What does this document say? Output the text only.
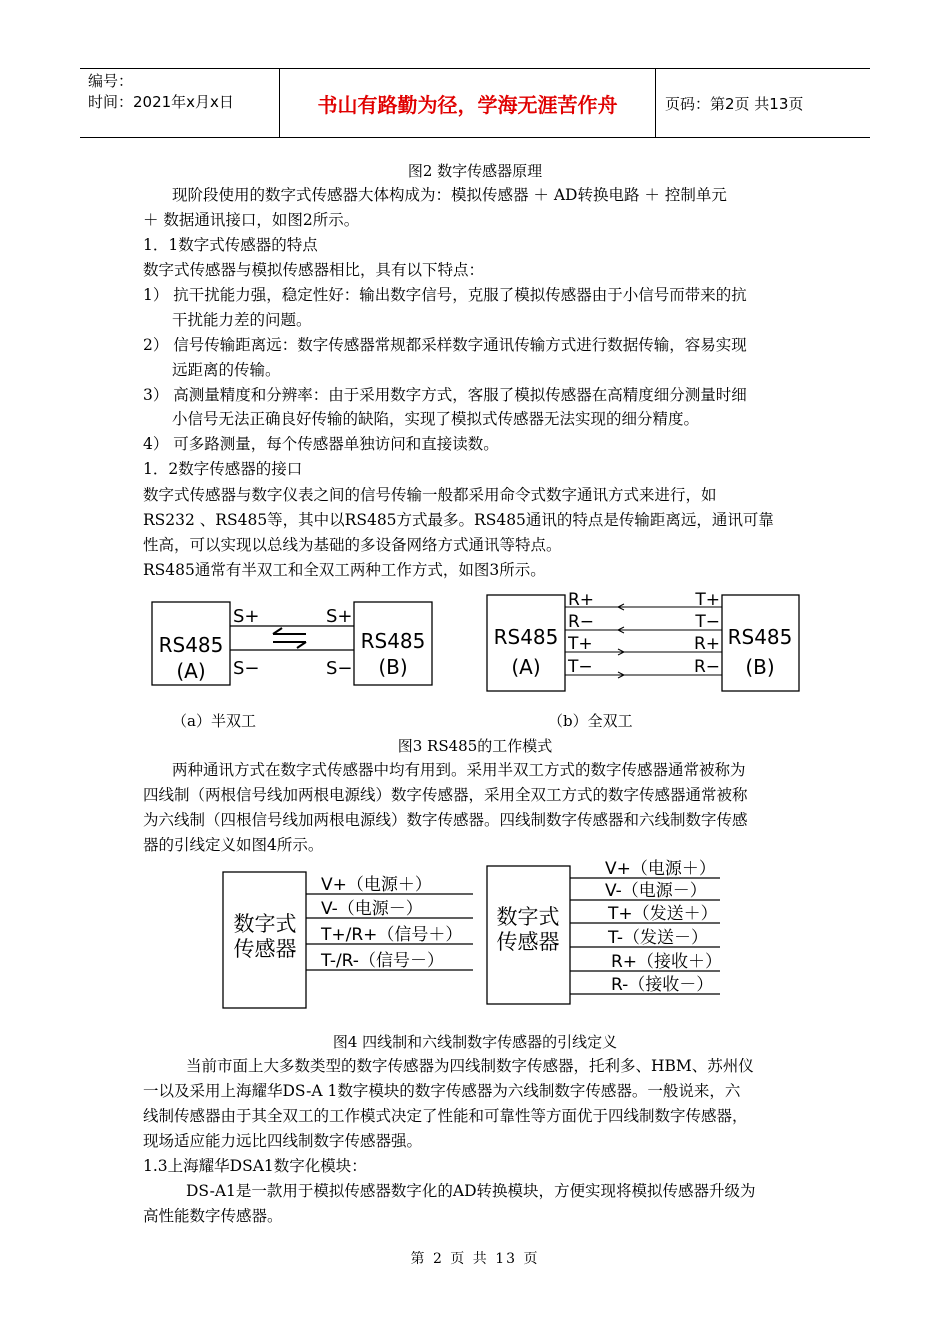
编号：
时间：2021年x月x日	书山有路勤为径，学海无涯苦作舟	页码：第2页 共13页
图2 数字传感器原理
现阶段使用的数字式传感器大体构成为：模拟传感器 ＋ AD转换电路 ＋ 控制单元
＋ 数据通讯接口，如图2所示。
1．1数字式传感器的特点
数字式传感器与模拟传感器相比，具有以下特点：
1） 抗干扰能力强，稳定性好：输出数字信号，克服了模拟传感器由于小信号而带来的抗
干扰能力差的问题。
2） 信号传输距离远：数字传感器常规都采样数字通讯传输方式进行数据传输，容易实现
远距离的传输。
3） 高测量精度和分辨率：由于采用数字方式，客服了模拟传感器在高精度细分测量时细
小信号无法正确良好传输的缺陷，实现了模拟式传感器无法实现的细分精度。
4） 可多路测量，每个传感器单独访问和直接读数。
1．2数字传感器的接口
数字式传感器与数字仪表之间的信号传输一般都采用命令式数字通讯方式来进行，如
RS232 、RS485等，其中以RS485方式最多。RS485通讯的特点是传输距离远，通讯可靠
性高，可以实现以总线为基础的多设备网络方式通讯等特点。
RS485通常有半双工和全双工两种工作方式，如图3所示。
RS485
(A)
RS485
(B)
S+	S+
S−	S−
RS485
(A)
RS485
(B)
R+
R−
T+
T−
T+
T−
R+
R−
（a）半双工	（b）全双工
图3 RS485的工作模式
两种通讯方式在数字式传感器中均有用到。采用半双工方式的数字传感器通常被称为
四线制（两根信号线加两根电源线）数字传感器，采用全双工方式的数字传感器通常被称
为六线制（四根信号线加两根电源线）数字传感器。四线制数字传感器和六线制数字传感
器的引线定义如图4所示。
数字式
传感器
V+（电源＋）
V-（电源－）
T+/R+（信号＋）
T-/R-（信号－）
数字式
传感器
V+（电源＋）
V-（电源－）
T+（发送＋）
T-（发送－）
R+（接收＋）
R-（接收－）
图4 四线制和六线制数字传感器的引线定义
当前市面上大多数类型的数字传感器为四线制数字传感器，托利多、HBM、苏州仪
一以及采用上海耀华DS-A 1数字模块的数字传感器为六线制数字传感器。一般说来，六
线制传感器由于其全双工的工作模式决定了性能和可靠性等方面优于四线制数字传感器，
现场适应能力远比四线制数字传感器强。
1.3上海耀华DSA1数字化模块：
DS-A1是一款用于模拟传感器数字化的AD转换模块，方便实现将模拟传感器升级为
高性能数字传感器。
第 2 页 共 13 页
